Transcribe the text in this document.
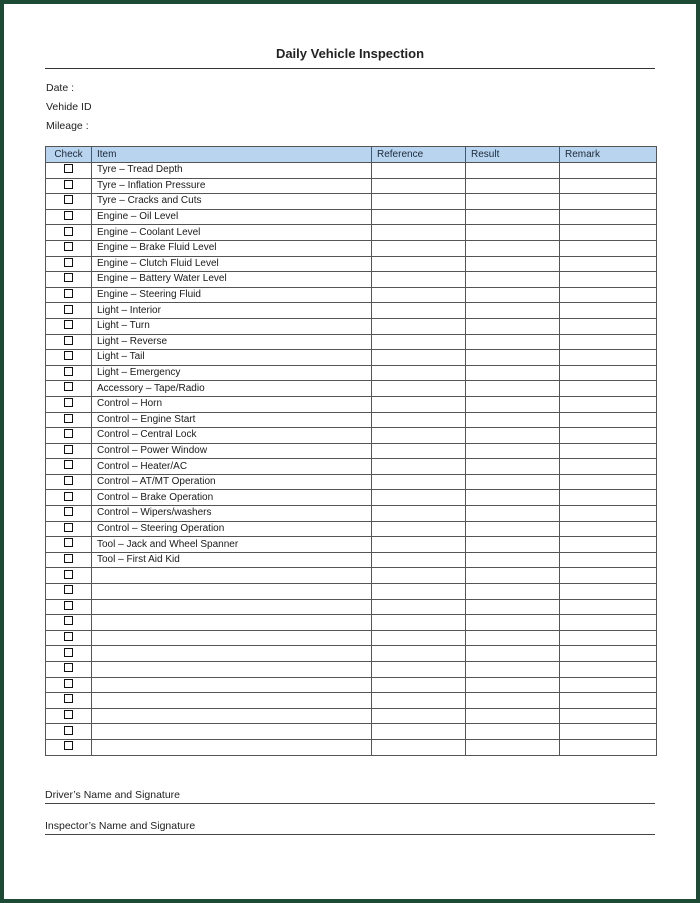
Daily Vehicle Inspection
Date :
Vehide ID
Mileage :
Check	Item	Reference	Result	Remark
	Tyre – Tread Depth			
	Tyre – Inflation Pressure			
	Tyre – Cracks and Cuts			
	Engine – Oil Level			
	Engine – Coolant Level			
	Engine – Brake Fluid Level			
	Engine – Clutch Fluid Level			
	Engine – Battery Water Level			
	Engine – Steering Fluid			
	Light – Interior			
	Light – Turn			
	Light – Reverse			
	Light – Tail			
	Light – Emergency			
	Accessory – Tape/Radio			
	Control – Horn			
	Control – Engine Start			
	Control – Central Lock			
	Control – Power Window			
	Control – Heater/AC			
	Control – AT/MT Operation			
	Control – Brake Operation			
	Control – Wipers/washers			
	Control – Steering Operation			
	Tool – Jack and Wheel Spanner			
	Tool – First Aid Kid			

Driver’s Name and Signature
Inspector’s Name and Signature
